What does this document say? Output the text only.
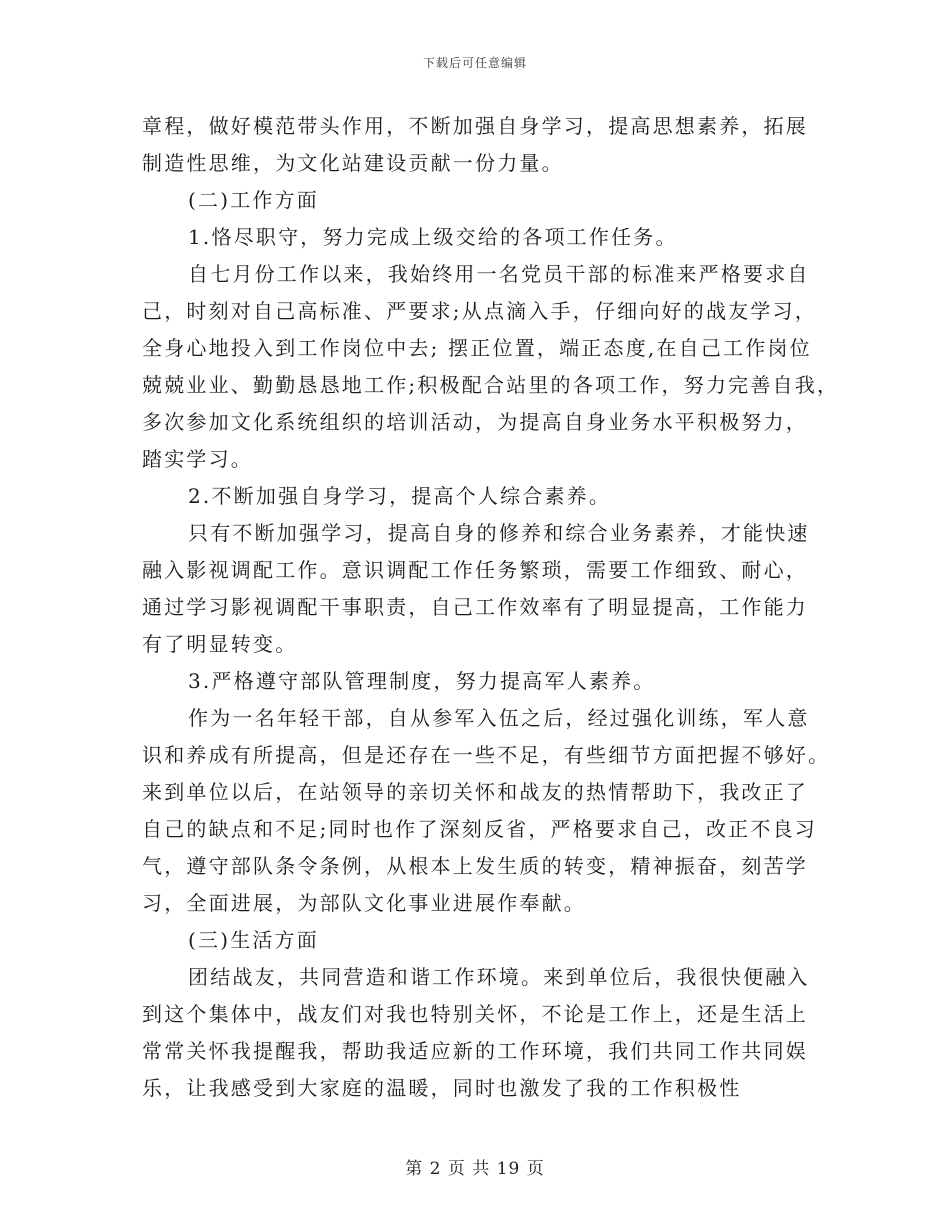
下载后可任意编辑
章程，做好模范带头作用，不断加强自身学习，提高思想素养，拓展
制造性思维，为文化站建设贡献一份力量。
(二)工作方面
1.恪尽职守，努力完成上级交给的各项工作任务。
自七月份工作以来，我始终用一名党员干部的标准来严格要求自
己，时刻对自己高标准、严要求;从点滴入手，仔细向好的战友学习，
全身心地投入到工作岗位中去; 摆正位置，端正态度,在自己工作岗位
兢兢业业、勤勤恳恳地工作;积极配合站里的各项工作，努力完善自我，
多次参加文化系统组织的培训活动，为提高自身业务水平积极努力，
踏实学习。
2.不断加强自身学习，提高个人综合素养。
只有不断加强学习，提高自身的修养和综合业务素养，才能快速
融入影视调配工作。意识调配工作任务繁琐，需要工作细致、耐心，
通过学习影视调配干事职责，自己工作效率有了明显提高，工作能力
有了明显转变。
3.严格遵守部队管理制度，努力提高军人素养。
作为一名年轻干部，自从参军入伍之后，经过强化训练，军人意
识和养成有所提高，但是还存在一些不足，有些细节方面把握不够好。
来到单位以后，在站领导的亲切关怀和战友的热情帮助下，我改正了
自己的缺点和不足;同时也作了深刻反省，严格要求自己，改正不良习
气，遵守部队条令条例，从根本上发生质的转变，精神振奋，刻苦学
习，全面进展，为部队文化事业进展作奉献。
(三)生活方面
团结战友，共同营造和谐工作环境。来到单位后，我很快便融入
到这个集体中，战友们对我也特别关怀，不论是工作上，还是生活上
常常关怀我提醒我，帮助我适应新的工作环境，我们共同工作共同娱
乐，让我感受到大家庭的温暖，同时也激发了我的工作积极性
第 2 页 共 19 页
